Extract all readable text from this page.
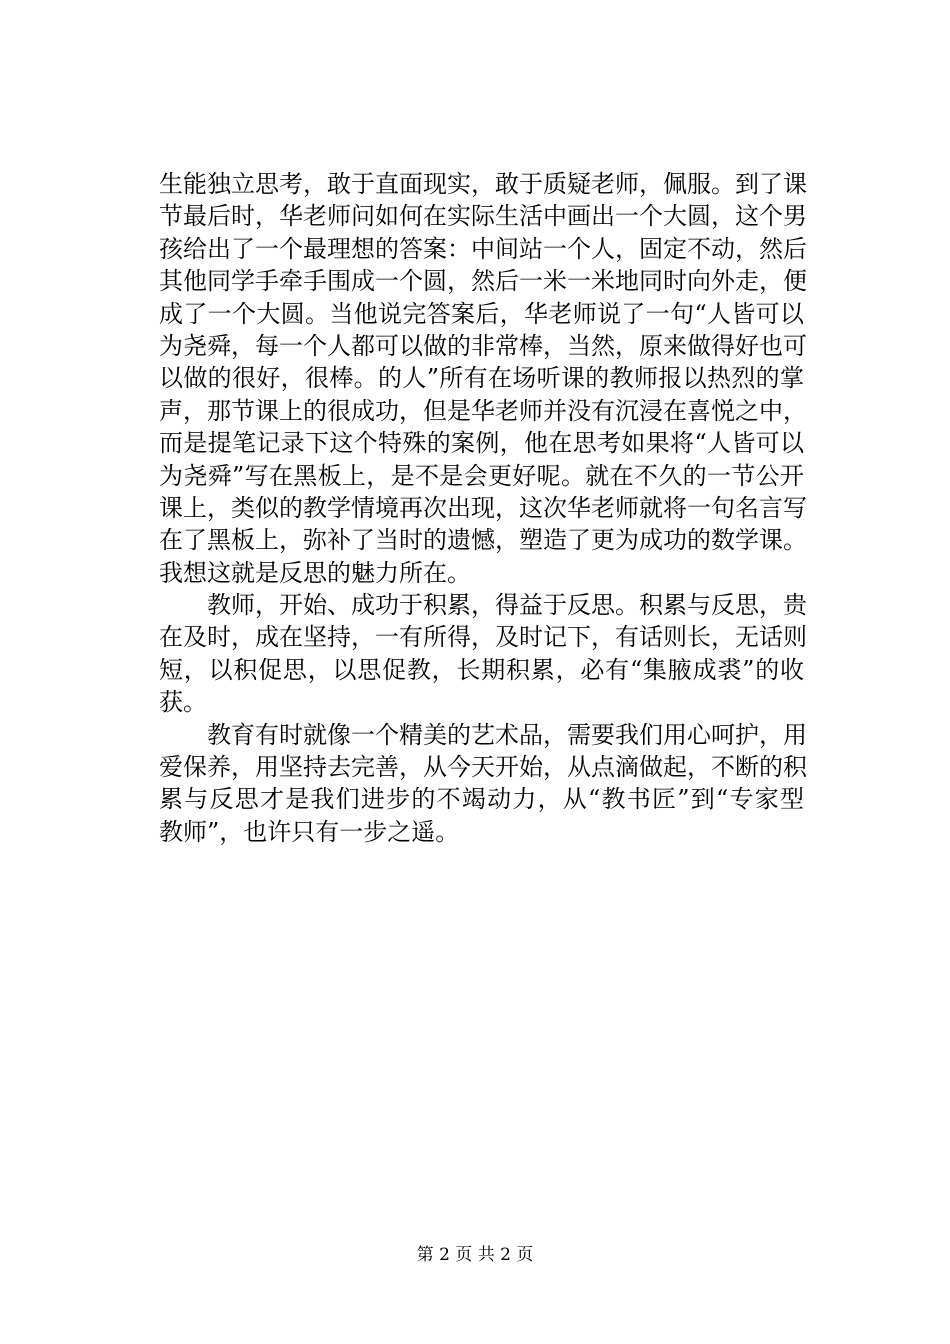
生能独立思考，敢于直面现实，敢于质疑老师，佩服。到了课
节最后时，华老师问如何在实际生活中画出一个大圆，这个男
孩给出了一个最理想的答案：中间站一个人，固定不动，然后
其他同学手牵手围成一个圆，然后一米一米地同时向外走，便
成了一个大圆。当他说完答案后，华老师说了一句“人皆可以
为尧舜，每一个人都可以做的非常棒，当然，原来做得好也可
以做的很好，很棒。的人”所有在场听课的教师报以热烈的掌
声，那节课上的很成功，但是华老师并没有沉浸在喜悦之中，
而是提笔记录下这个特殊的案例，他在思考如果将“人皆可以
为尧舜”写在黑板上，是不是会更好呢。就在不久的一节公开
课上，类似的教学情境再次出现，这次华老师就将一句名言写
在了黑板上，弥补了当时的遗憾，塑造了更为成功的数学课。
我想这就是反思的魅力所在。
　　教师，开始、成功于积累，得益于反思。积累与反思，贵
在及时，成在坚持，一有所得，及时记下，有话则长，无话则
短，以积促思，以思促教，长期积累，必有“集腋成裘”的收
获。
　　教育有时就像一个精美的艺术品，需要我们用心呵护，用
爱保养，用坚持去完善，从今天开始，从点滴做起，不断的积
累与反思才是我们进步的不竭动力，从“教书匠”到“专家型
教师”，也许只有一步之遥。
第 2 页 共 2 页
